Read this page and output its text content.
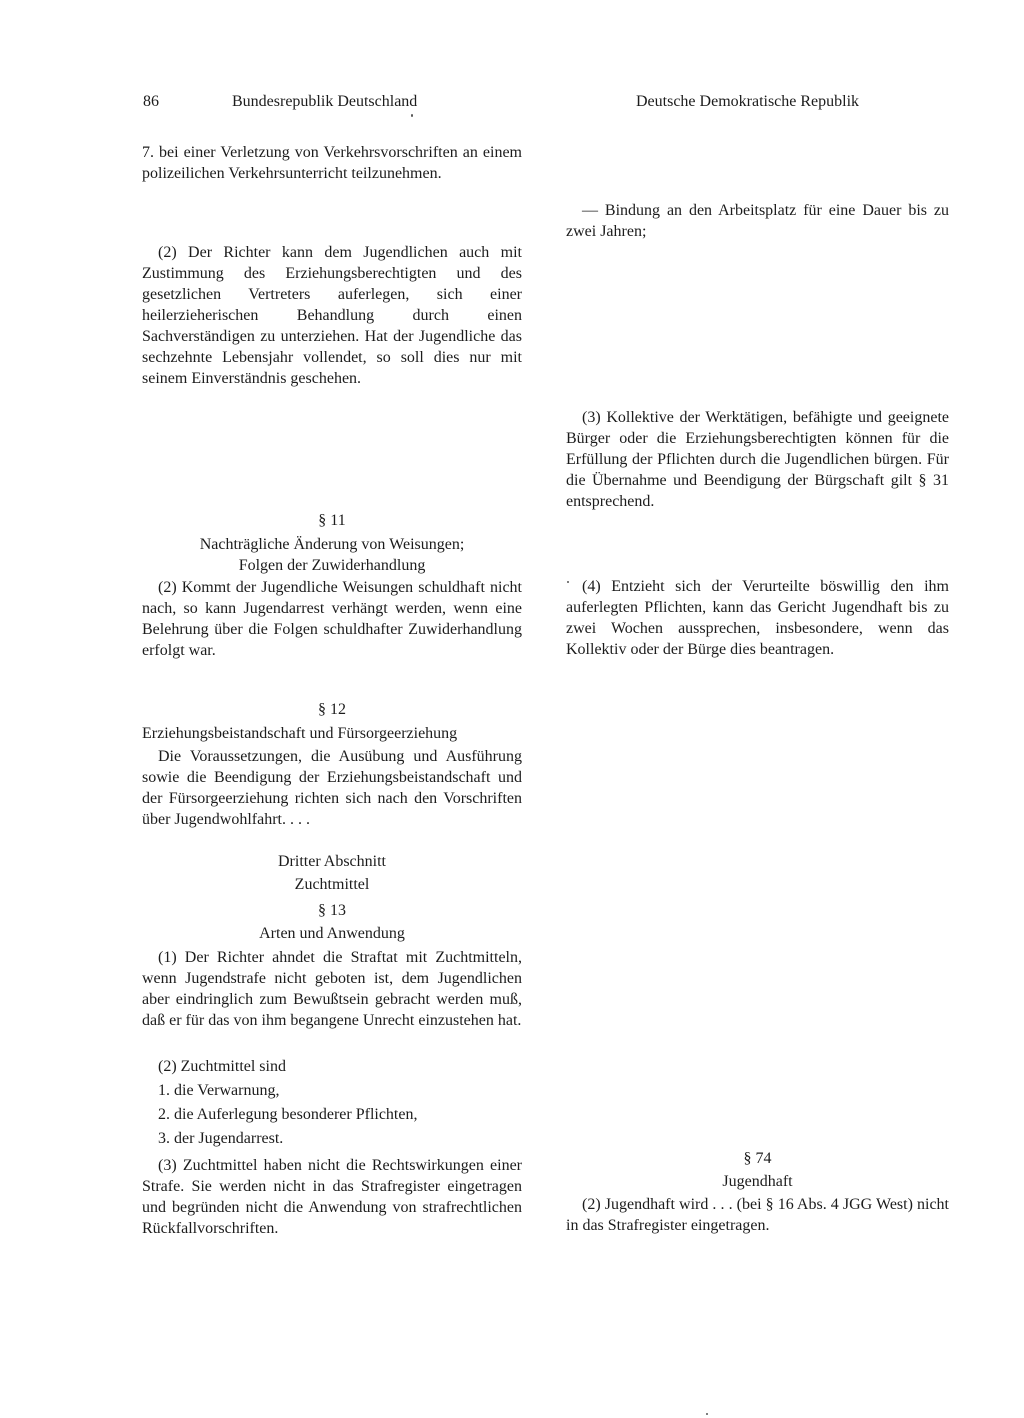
86	Bundesrepublik Deutschland	Deutsche Demokratische Republik
7. bei einer Verletzung von Verkehrsvorschriften an einem polizeilichen Verkehrsunterricht teilzunehmen.
(2) Der Richter kann dem Jugendlichen auch mit Zustimmung des Erziehungsberechtigten und des gesetzlichen Vertreters auferlegen, sich einer heilerzieherischen Behandlung durch einen Sachverständigen zu unterziehen. Hat der Jugendliche das sechzehnte Lebensjahr vollendet, so soll dies nur mit seinem Einverständnis geschehen.
§ 11
Nachträgliche Änderung von Weisungen;
Folgen der Zuwiderhandlung
(2) Kommt der Jugendliche Weisungen schuldhaft nicht nach, so kann Jugendarrest verhängt werden, wenn eine Belehrung über die Folgen schuldhafter Zuwiderhandlung erfolgt war.
§ 12
Erziehungsbeistandschaft und Fürsorgeerziehung
Die Voraussetzungen, die Ausübung und Ausführung sowie die Beendigung der Erziehungsbeistandschaft und der Fürsorgeerziehung richten sich nach den Vorschriften über Jugendwohlfahrt. . . .
Dritter Abschnitt
Zuchtmittel
§ 13
Arten und Anwendung
(1) Der Richter ahndet die Straftat mit Zuchtmitteln, wenn Jugendstrafe nicht geboten ist, dem Jugendlichen aber eindringlich zum Bewußtsein gebracht werden muß, daß er für das von ihm begangene Unrecht einzustehen hat.
(2) Zuchtmittel sind
1. die Verwarnung,
2. die Auferlegung besonderer Pflichten,
3. der Jugendarrest.
(3) Zuchtmittel haben nicht die Rechtswirkungen einer Strafe. Sie werden nicht in das Strafregister eingetragen und begründen nicht die Anwendung von strafrechtlichen Rückfallvorschriften.
— Bindung an den Arbeitsplatz für eine Dauer bis zu zwei Jahren;
(3) Kollektive der Werktätigen, befähigte und geeignete Bürger oder die Erziehungsberechtigten können für die Erfüllung der Pflichten durch die Jugendlichen bürgen. Für die Übernahme und Beendigung der Bürgschaft gilt § 31 entsprechend.
(4) Entzieht sich der Verurteilte böswillig den ihm auferlegten Pflichten, kann das Gericht Jugendhaft bis zu zwei Wochen aussprechen, insbesondere, wenn das Kollektiv oder der Bürge dies beantragen.
§ 74
Jugendhaft
(2) Jugendhaft wird . . . (bei § 16 Abs. 4 JGG West) nicht in das Strafregister eingetragen.
